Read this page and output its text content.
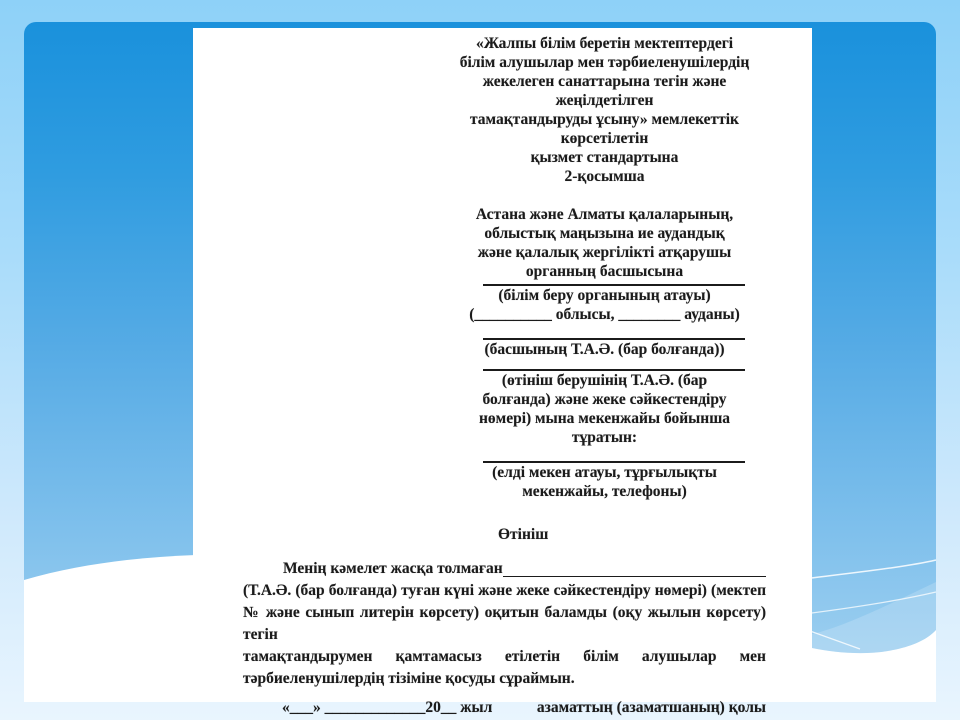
«Жалпы білім беретін мектептердегі
білім алушылар мен тәрбиеленушілердің
жекелеген санаттарына тегін және
жеңілдетілген
тамақтандыруды ұсыну» мемлекеттік
көрсетілетін
қызмет стандартына
2-қосымша
Астана және Алматы қалаларының,
облыстық маңызына ие аудандық
және қалалық жергілікті атқарушы
органның басшысына
(білім беру органының атауы)
(__________ облысы, ________ ауданы)
(басшының Т.А.Ә. (бар болғанда))
(өтініш берушінің Т.А.Ә. (бар
болғанда) және жеке сәйкестендіру
нөмері) мына мекенжайы бойынша
тұратын:
(елді мекен атауы, тұрғылықты
мекенжайы, телефоны)
Өтініш
Менің кәмелет жасқа толмаған
(Т.А.Ә. (бар болғанда) туған күні және жеке сәйкестендіру нөмері) (мектеп
№ және сынып литерін көрсету) оқитын баламды (оқу жылын көрсету) тегін
тамақтандырумен қамтамасыз етілетін білім алушылар мен
тәрбиеленушілердің тізіміне қосуды сұраймын.
«___» _____________20__ жыл	азаматтың (азаматшаның) қолы
